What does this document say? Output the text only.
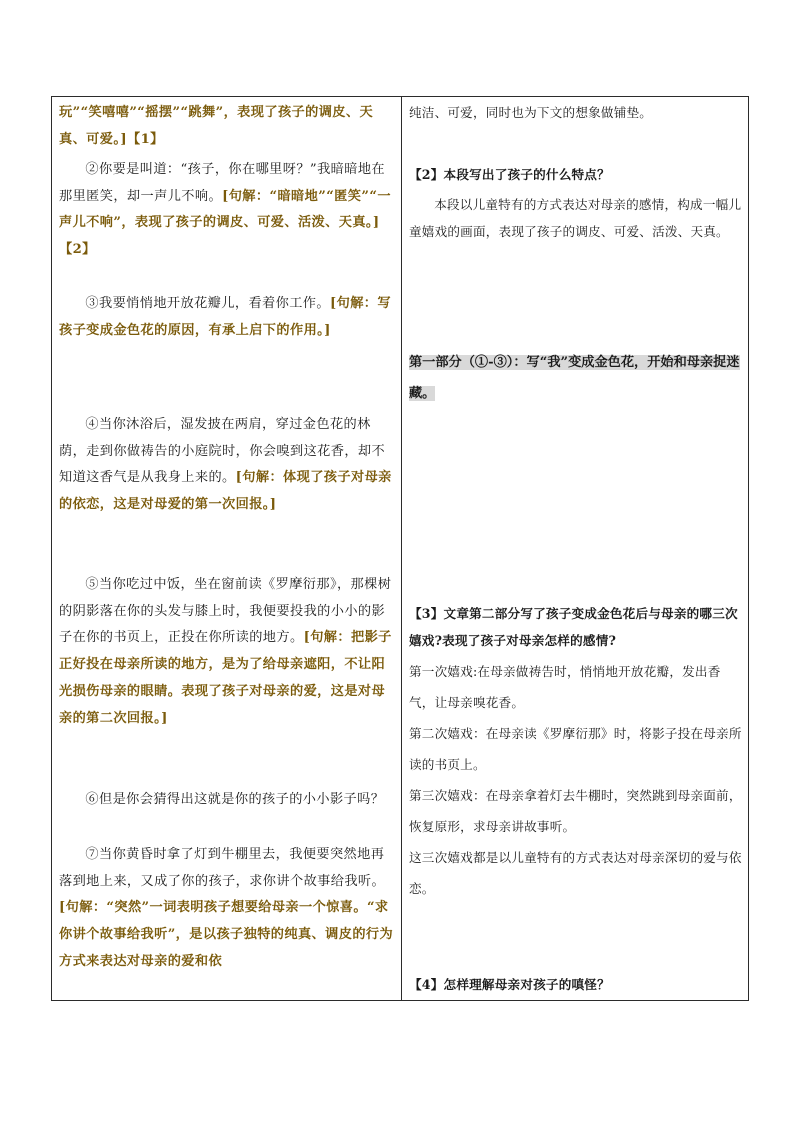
玩”“笑嘻嘻”“摇摆”“跳舞”，表现了孩子的调皮、天真、可爱。]【1】

②你要是叫道：“孩子，你在哪里呀？”我暗暗地在那里匿笑，却一声儿不响。[句解：“暗暗地”“匿笑”“一声儿不响”，表现了孩子的调皮、可爱、活泼、天真。]【2】

③我要悄悄地开放花瓣儿，看着你工作。[句解：写孩子变成金色花的原因，有承上启下的作用。]

④当你沐浴后，湿发披在两肩，穿过金色花的林荫，走到你做祷告的小庭院时，你会嗅到这花香，却不知道这香气是从我身上来的。[句解：体现了孩子对母亲的依恋，这是对母爱的第一次回报。]

⑤当你吃过中饭，坐在窗前读《罗摩衍那》，那棵树的阴影落在你的头发与膝上时，我便要投我的小小的影子在你的书页上，正投在你所读的地方。[句解：把影子正好投在母亲所读的地方，是为了给母亲遮阳，不让阳光损伤母亲的眼睛。表现了孩子对母亲的爱，这是对母亲的第二次回报。]

⑥但是你会猜得出这就是你的孩子的小小影子吗？

⑦当你黄昏时拿了灯到牛棚里去，我便要突然地再落到地上来，又成了你的孩子，求你讲个故事给我听。[句解：“突然”一词表明孩子想要给母亲一个惊喜。“求你讲个故事给我听”，是以孩子独特的纯真、调皮的行为方式来表达对母亲的爱和依

纯洁、可爱，同时也为下文的想象做铺垫。

【2】本段写出了孩子的什么特点？

本段以儿童特有的方式表达对母亲的感情，构成一幅儿童嬉戏的画面，表现了孩子的调皮、可爱、活泼、天真。

第一部分（①-③）：写“我”变成金色花，开始和母亲捉迷藏。

【3】文章第二部分写了孩子变成金色花后与母亲的哪三次嬉戏?表现了孩子对母亲怎样的感情?

第一次嬉戏:在母亲做祷告时，悄悄地开放花瓣，发出香气，让母亲嗅花香。

第二次嬉戏：在母亲读《罗摩衍那》时，将影子投在母亲所读的书页上。

第三次嬉戏：在母亲拿着灯去牛棚时，突然跳到母亲面前，恢复原形，求母亲讲故事听。

这三次嬉戏都是以儿童特有的方式表达对母亲深切的爱与依恋。

【4】怎样理解母亲对孩子的嗔怪？
